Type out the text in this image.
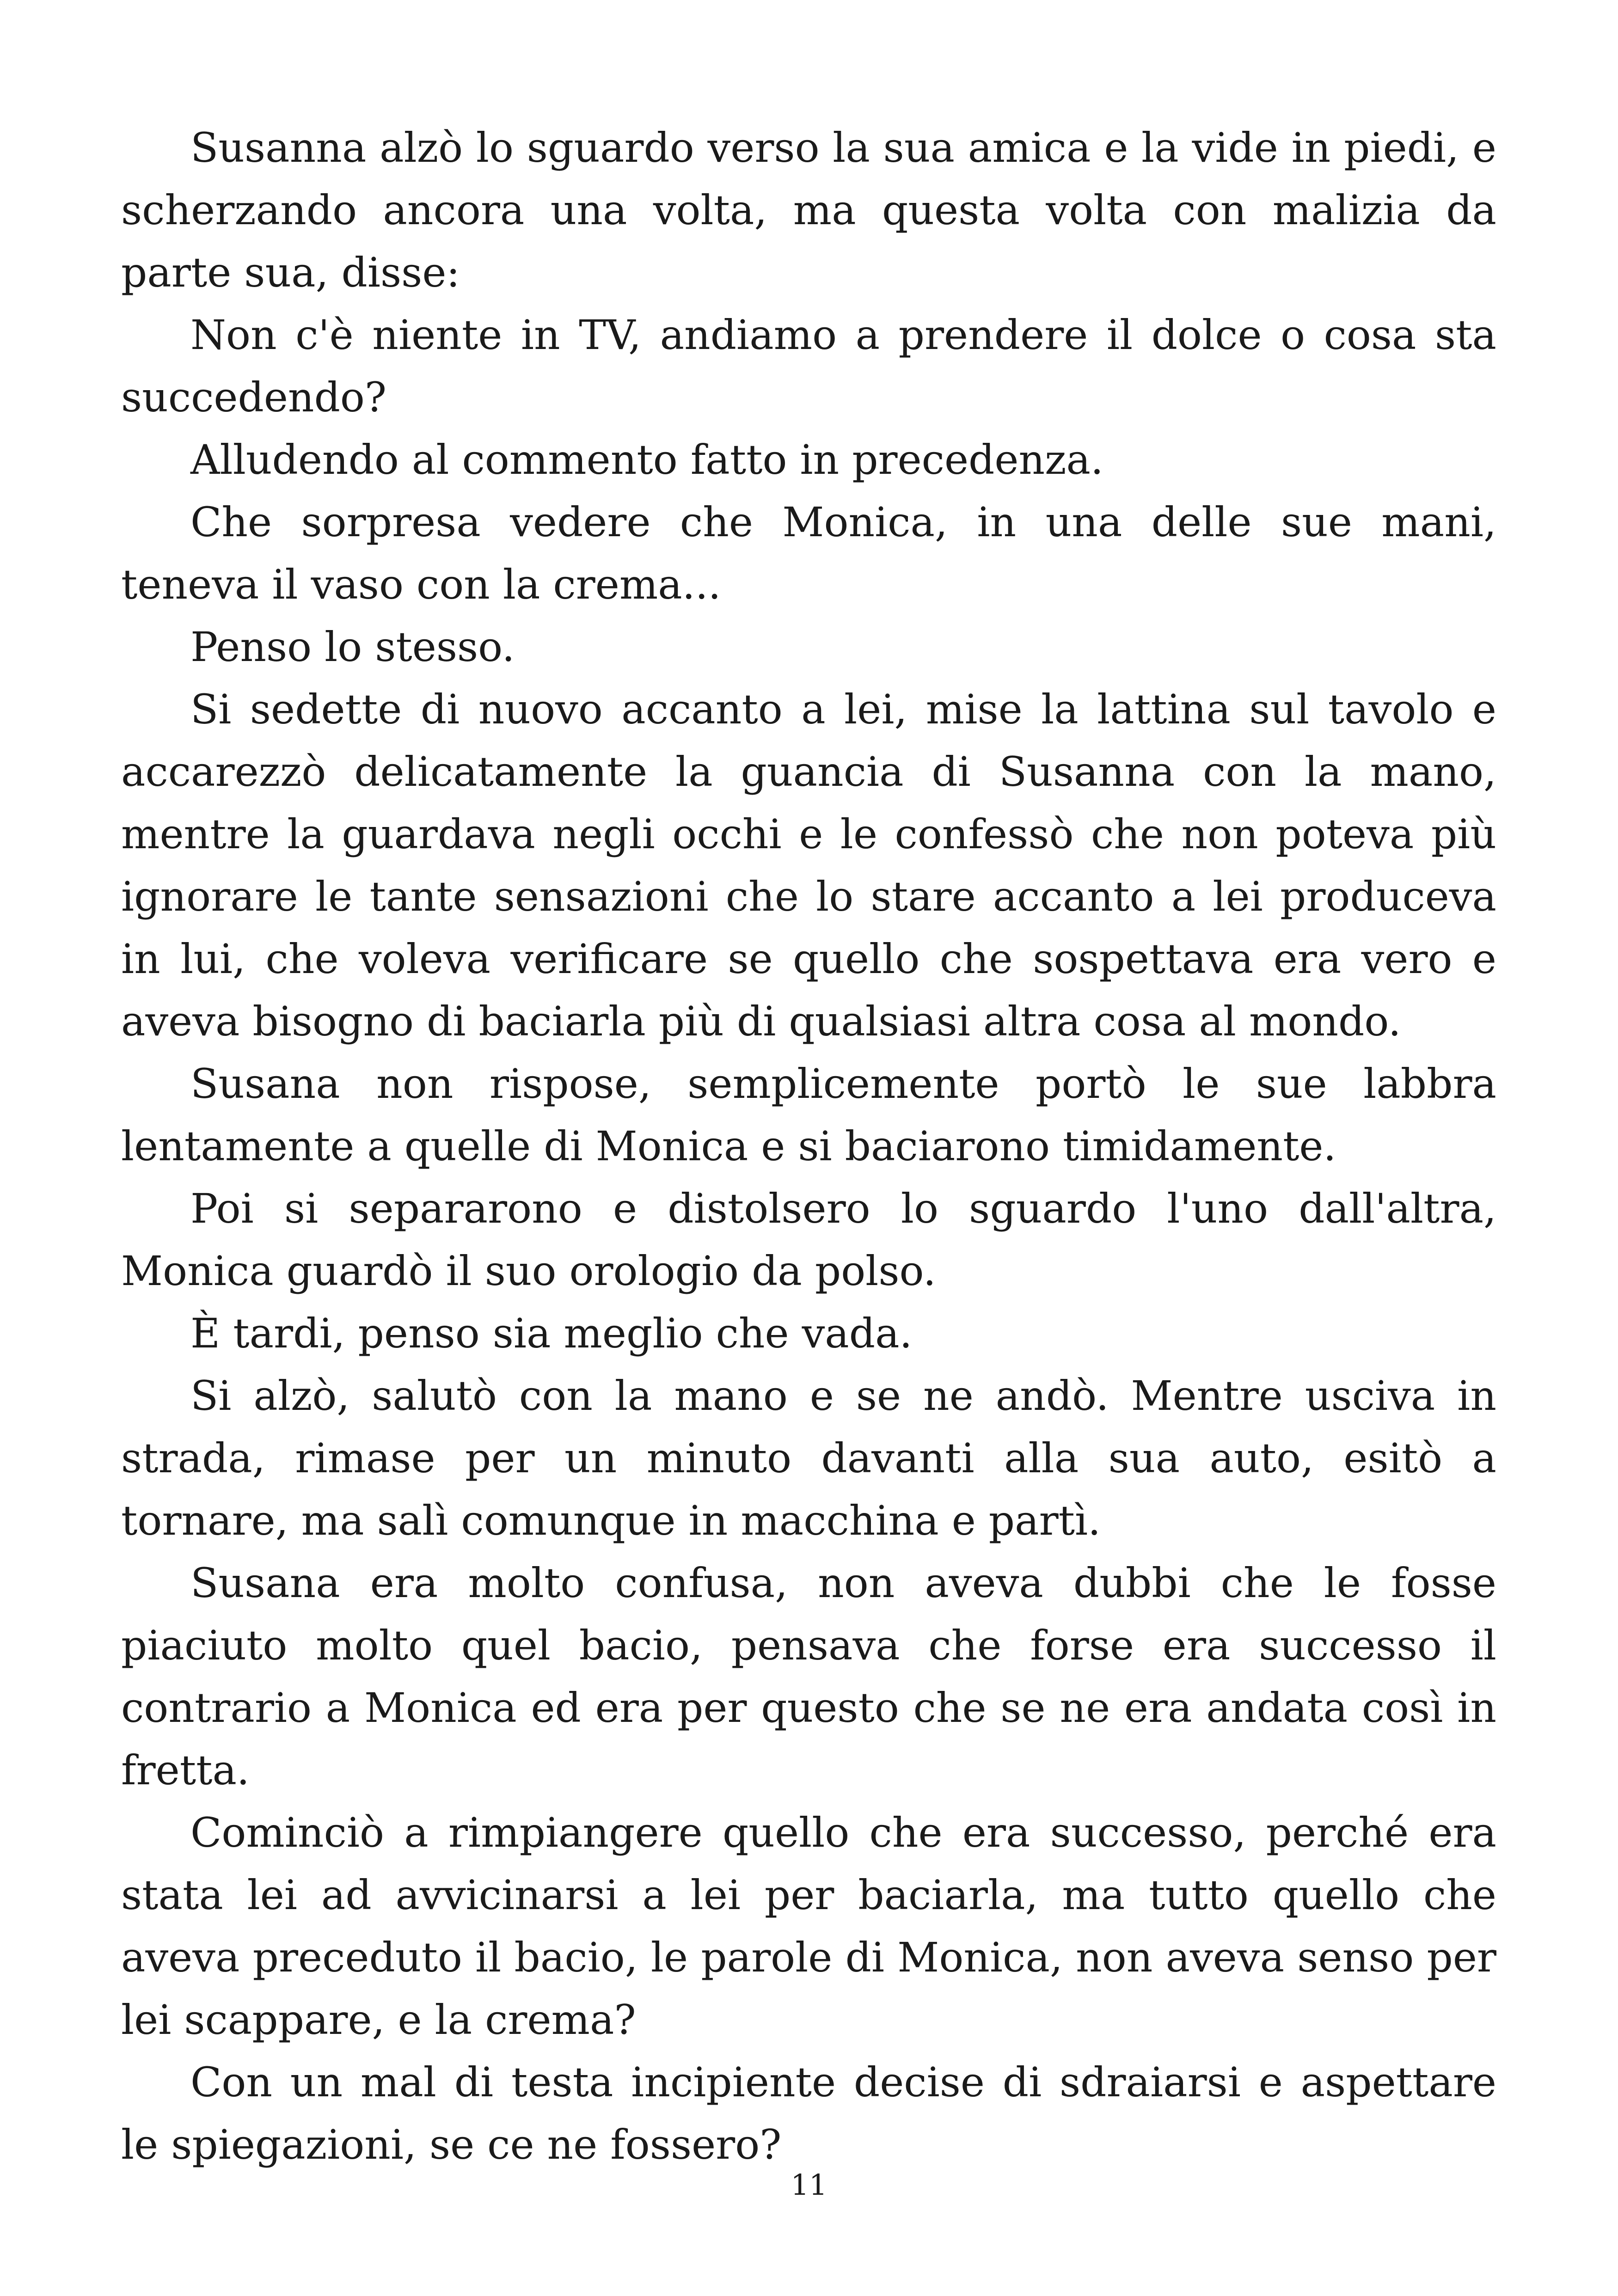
Susanna alzò lo sguardo verso la sua amica e la vide in piedi, e scherzando ancora una volta, ma questa volta con malizia da parte sua, disse:

Non c'è niente in TV, andiamo a prendere il dolce o cosa sta succedendo?

Alludendo al commento fatto in precedenza.

Che sorpresa vedere che Monica, in una delle sue mani, teneva il vaso con la crema...

Penso lo stesso.

Si sedette di nuovo accanto a lei, mise la lattina sul tavolo e accarezzò delicatamente la guancia di Susanna con la mano, mentre la guardava negli occhi e le confessò che non poteva più ignorare le tante sensazioni che lo stare accanto a lei produceva in lui, che voleva verificare se quello che sospettava era vero e aveva bisogno di baciarla più di qualsiasi altra cosa al mondo.

Susana non rispose, semplicemente portò le sue labbra lentamente a quelle di Monica e si baciarono timidamente.

Poi si separarono e distolsero lo sguardo l'uno dall'altra, Monica guardò il suo orologio da polso.

È tardi, penso sia meglio che vada.

Si alzò, salutò con la mano e se ne andò. Mentre usciva in strada, rimase per un minuto davanti alla sua auto, esitò a tornare, ma salì comunque in macchina e partì.

Susana era molto confusa, non aveva dubbi che le fosse piaciuto molto quel bacio, pensava che forse era successo il contrario a Monica ed era per questo che se ne era andata così in fretta.

Cominciò a rimpiangere quello che era successo, perché era stata lei ad avvicinarsi a lei per baciarla, ma tutto quello che aveva preceduto il bacio, le parole di Monica, non aveva senso per lei scappare, e la crema?

Con un mal di testa incipiente decise di sdraiarsi e aspettare le spiegazioni, se ce ne fossero?

11
